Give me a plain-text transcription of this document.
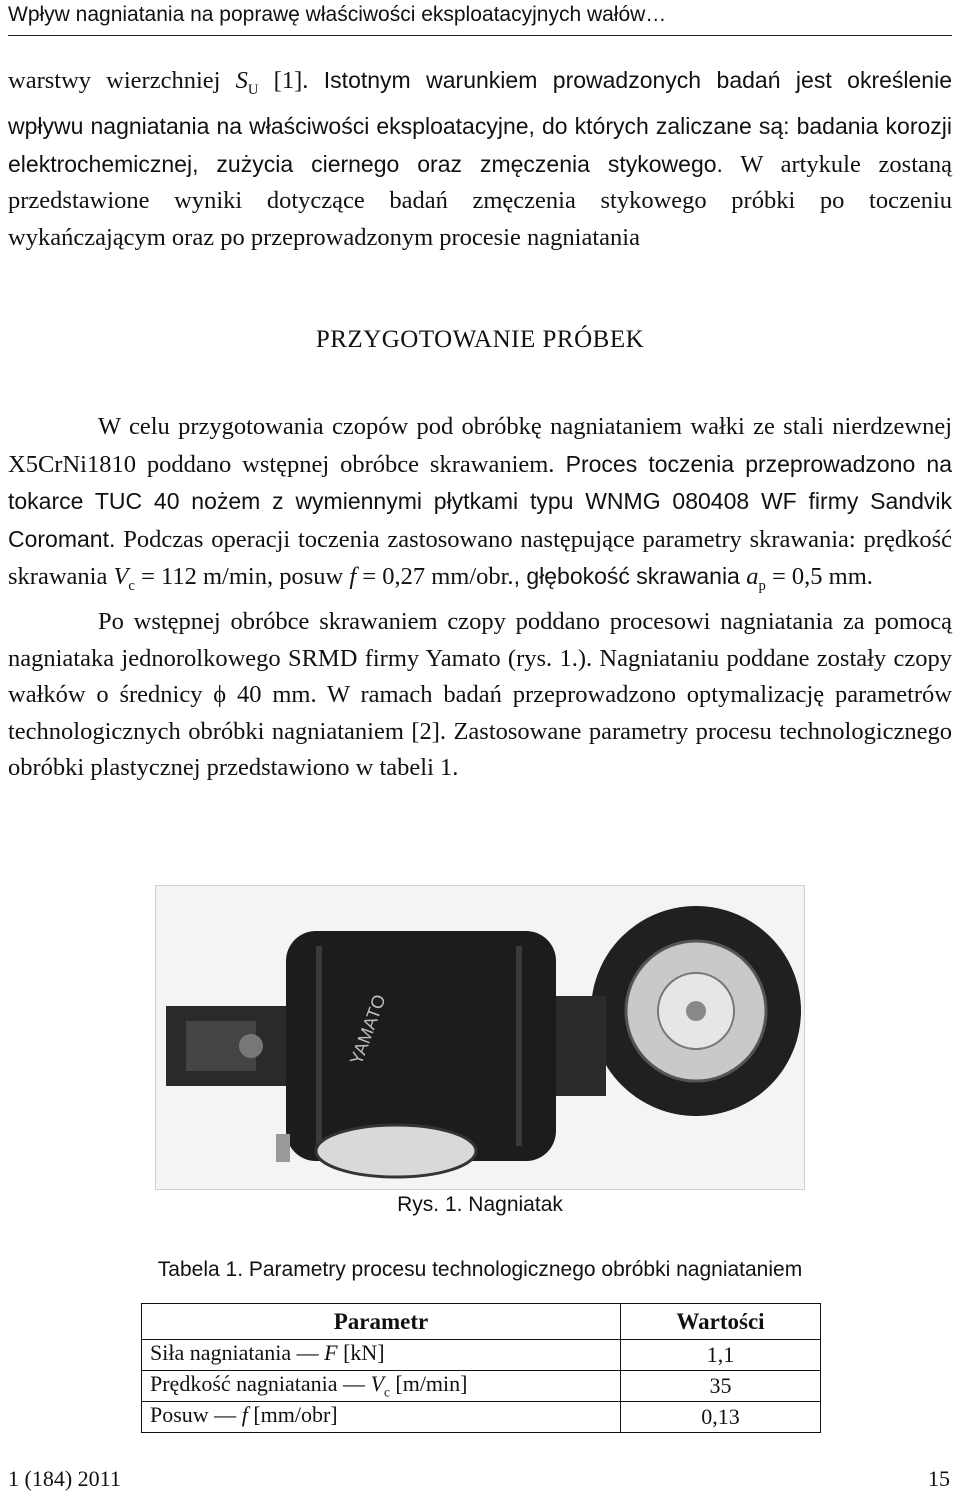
Wpływ nagniatania na poprawę właściwości eksploatacyjnych wałów…

warstwy wierzchniej $S_U$ [1]. Istotnym warunkiem prowadzonych badań jest określenie wpływu nagniatania na właściwości eksploatacyjne, do których zaliczane są: badania korozji elektrochemicznej, zużycia ciernego oraz zmęczenia stykowego. W artykule zostaną przedstawione wyniki dotyczące badań zmęczenia stykowego próbki po toczeniu wykańczającym oraz po przeprowadzonym procesie nagniatania

PRZYGOTOWANIE PRÓBEK

W celu przygotowania czopów pod obróbkę nagniataniem wałki ze stali nierdzewnej X5CrNi1810 poddano wstępnej obróbce skrawaniem. Proces toczenia przeprowadzono na tokarce TUC 40 nożem z wymiennymi płytkami typu WNMG 080408 WF firmy Sandvik Coromant. Podczas operacji toczenia zastosowano następujące parametry skrawania: prędkość skrawania $V_c = 112$ m/min, posuw f = 0,27 mm/obr., głębokość skrawania $a_p = 0,5$ mm.

Po wstępnej obróbce skrawaniem czopy poddano procesowi nagniatania za pomocą nagniataka jednorolkowego SRMD firmy Yamato (rys. 1.). Nagniataniu poddane zostały czopy wałków o średnicy ϕ 40 mm. W ramach badań przeprowadzono optymalizację parametrów technologicznych obróbki nagniataniem [2]. Zastosowane parametry procesu technologicznego obróbki plastycznej przedstawiono w tabeli 1.

YAMATO
Rys. 1. Nagniatak
Tabela 1. Parametry procesu technologicznego obróbki nagniataniem
Parametr	Wartości
Siła nagniatania — F [kN]	1,1
Prędkość nagniatania — $V_c$ [m/min]	35
Posuw — f [mm/obr]	0,13
1 (184) 2011	15
